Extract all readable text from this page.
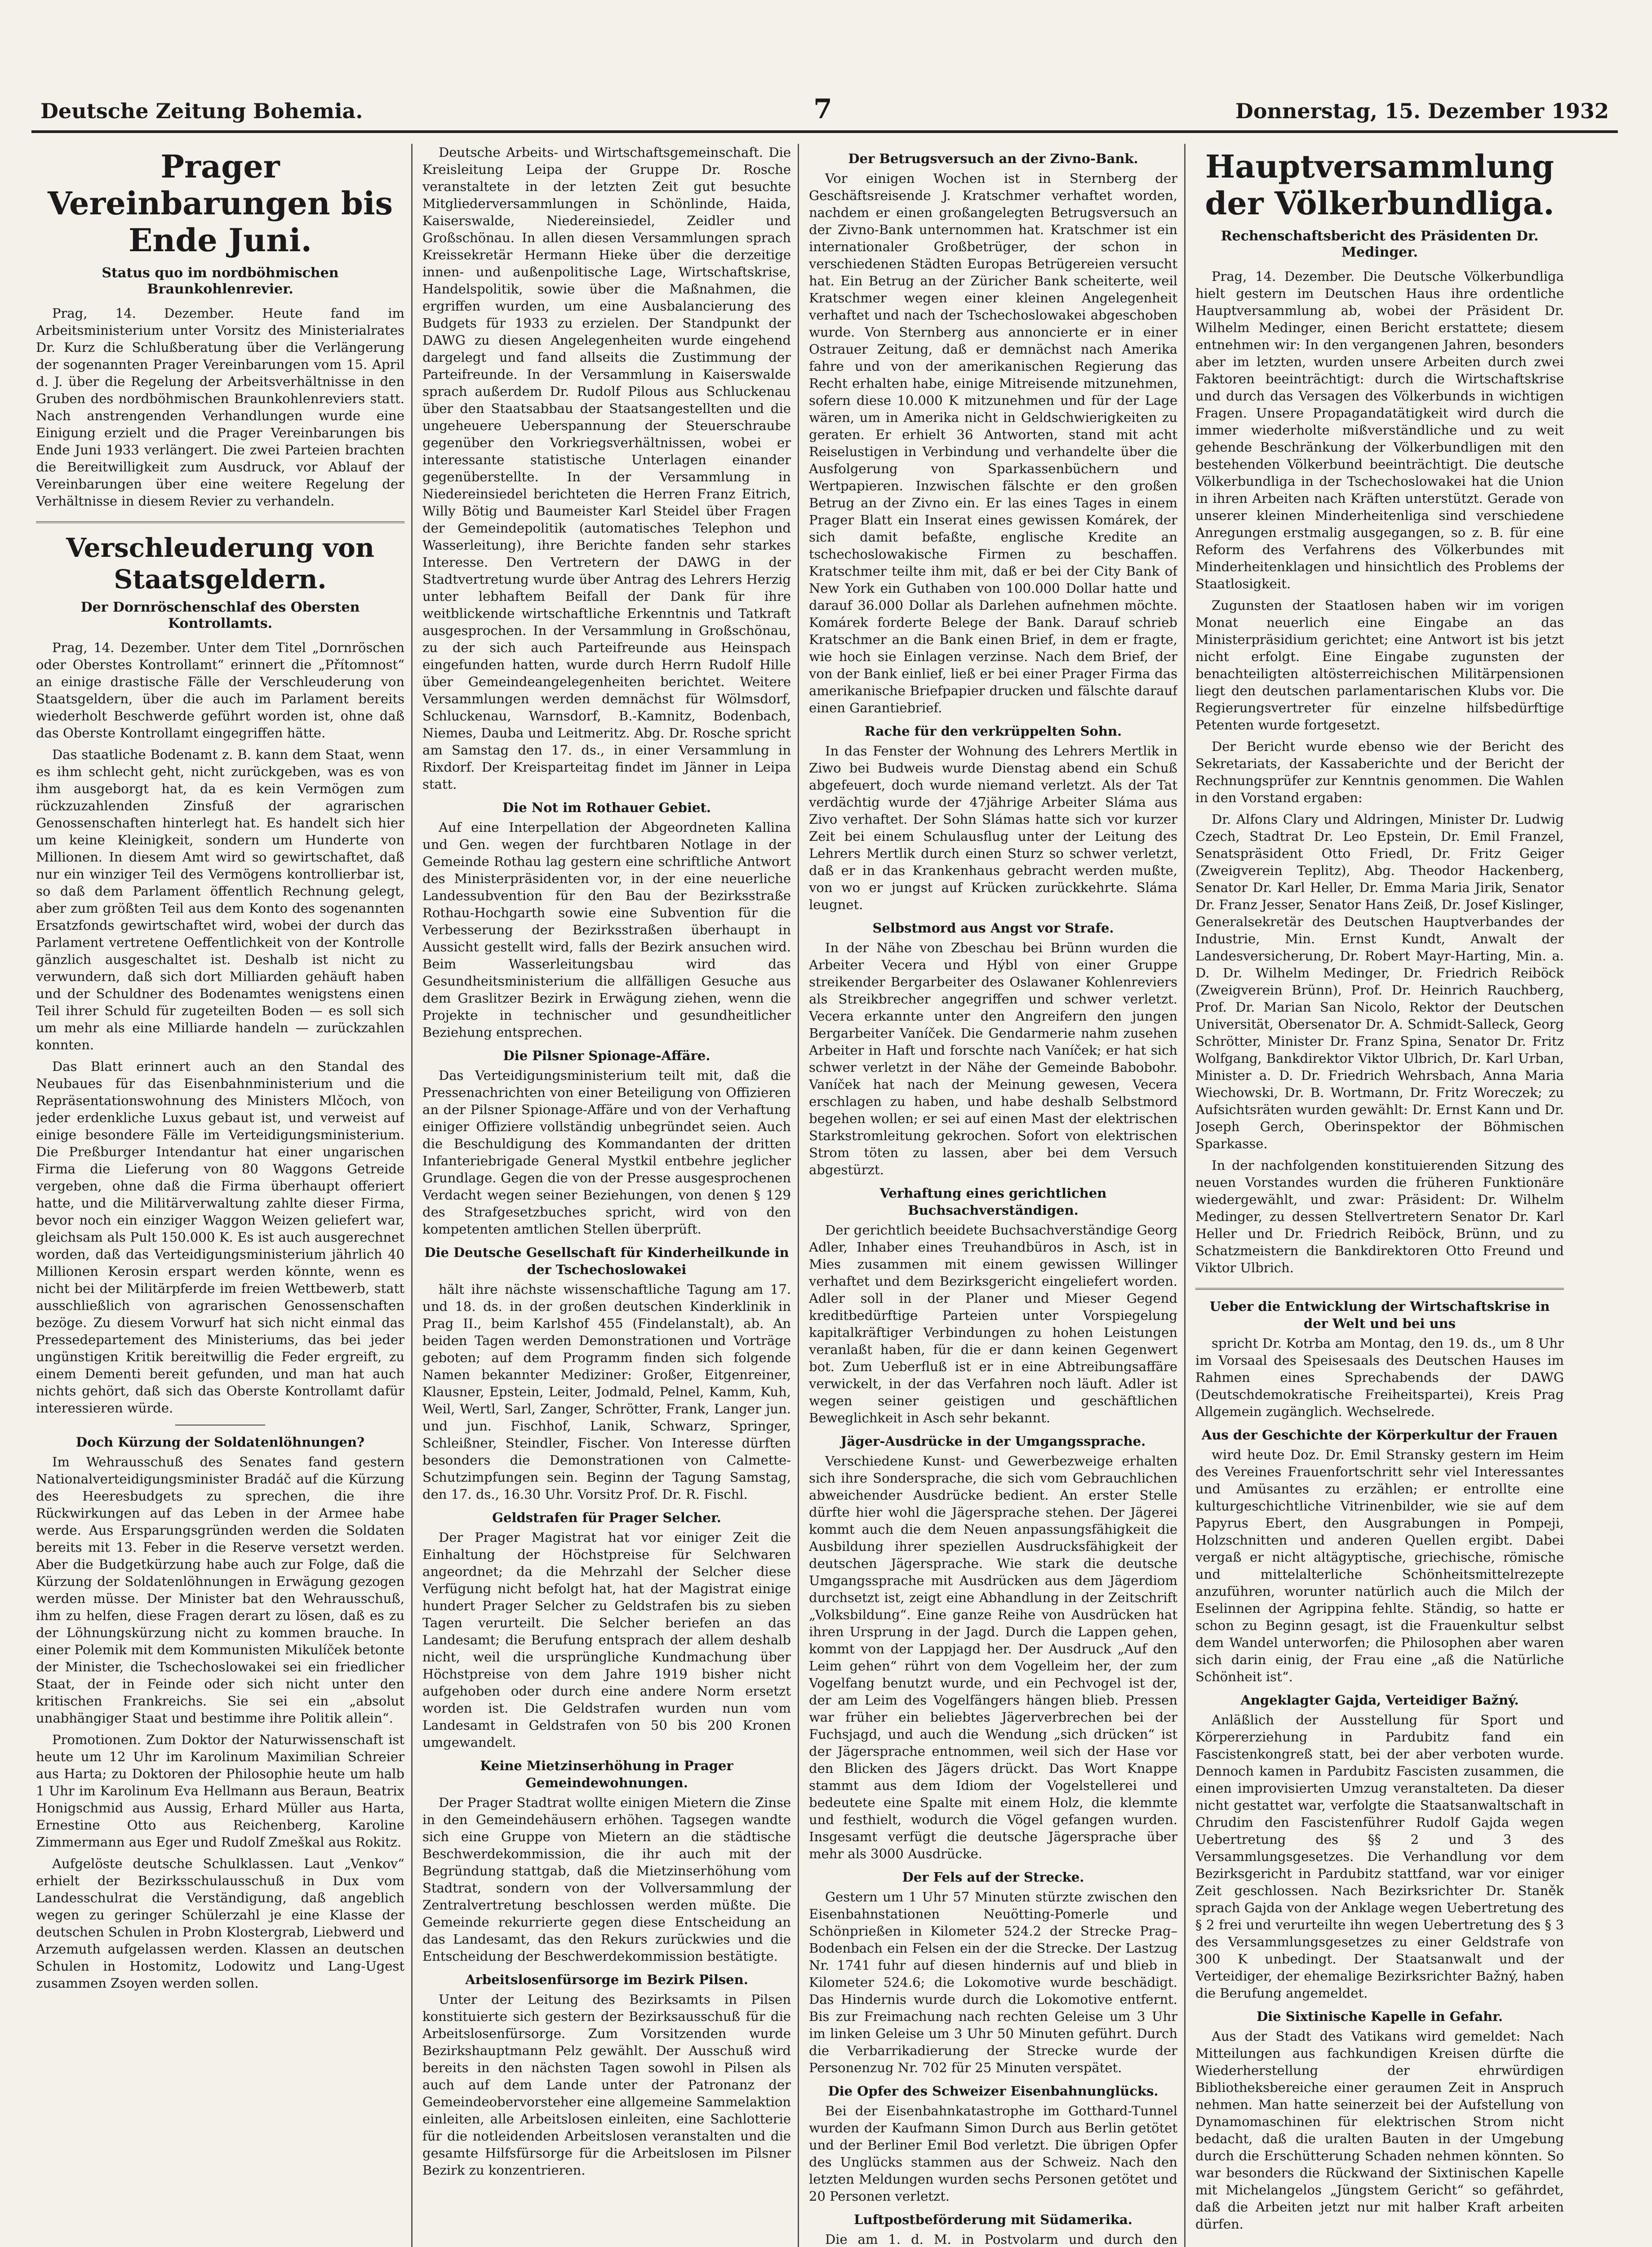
Deutsche Zeitung Bohemia.	7	Donnerstag, 15. Dezember 1932
Prager Vereinbarungen bis Ende Juni.
Status quo im nordböhmischen Braunkohlenrevier.

Prag, 14. Dezember. Heute fand im Arbeitsministerium unter Vorsitz des Ministerialrates Dr. Kurz die Schlußberatung über die Verlängerung der sogenannten Prager Vereinbarungen vom 15. April d. J. über die Regelung der Arbeitsverhältnisse in den Gruben des nordböhmischen Braunkohlenreviers statt. Nach anstrengenden Verhandlungen wurde eine Einigung erzielt und die Prager Vereinbarungen bis Ende Juni 1933 verlängert. Die zwei Parteien brachten die Bereitwilligkeit zum Ausdruck, vor Ablauf der Vereinbarungen über eine weitere Regelung der Verhältnisse in diesem Revier zu verhandeln.

Verschleuderung von Staatsgeldern.
Der Dornröschenschlaf des Obersten Kontrollamts.

Prag, 14. Dezember. Unter dem Titel „Dornröschen oder Oberstes Kontrollamt“ erinnert die „Přítomnost“ an einige drastische Fälle der Verschleuderung von Staatsgeldern, über die auch im Parlament bereits wiederholt Beschwerde geführt worden ist, ohne daß das Oberste Kontrollamt eingegriffen hätte.

Das staatliche Bodenamt z. B. kann dem Staat, wenn es ihm schlecht geht, nicht zurückgeben, was es von ihm ausgeborgt hat, da es kein Vermögen zum rückzuzahlenden Zinsfuß der agrarischen Genossenschaften hinterlegt hat. Es handelt sich hier um keine Kleinigkeit, sondern um Hunderte von Millionen. In diesem Amt wird so gewirtschaftet, daß nur ein winziger Teil des Vermögens kontrollierbar ist, so daß dem Parlament öffentlich Rechnung gelegt, aber zum größten Teil aus dem Konto des sogenannten Ersatzfonds gewirtschaftet wird, wobei der durch das Parlament vertretene Oeffentlichkeit von der Kontrolle gänzlich ausgeschaltet ist. Deshalb ist nicht zu verwundern, daß sich dort Milliarden gehäuft haben und der Schuldner des Bodenamtes wenigstens einen Teil ihrer Schuld für zugeteilten Boden — es soll sich um mehr als eine Milliarde handeln — zurückzahlen konnten.

Das Blatt erinnert auch an den Standal des Neubaues für das Eisenbahnministerium und die Repräsentationswohnung des Ministers Mlčoch, von jeder erdenkliche Luxus gebaut ist, und verweist auf einige besondere Fälle im Verteidigungsministerium. Die Preßburger Intendantur hat einer ungarischen Firma die Lieferung von 80 Waggons Getreide vergeben, ohne daß die Firma überhaupt offeriert hatte, und die Militärverwaltung zahlte dieser Firma, bevor noch ein einziger Waggon Weizen geliefert war, gleichsam als Pult 150.000 K. Es ist auch ausgerechnet worden, daß das Verteidigungsministerium jährlich 40 Millionen Kerosin erspart werden könnte, wenn es nicht bei der Militärpferde im freien Wettbewerb, statt ausschließlich von agrarischen Genossenschaften bezöge. Zu diesem Vorwurf hat sich nicht einmal das Pressedepartement des Ministeriums, das bei jeder ungünstigen Kritik bereitwillig die Feder ergreift, zu einem Dementi bereit gefunden, und man hat auch nichts gehört, daß sich das Oberste Kontrollamt dafür interessieren würde.

Doch Kürzung der Soldatenlöhnungen?

Im Wehrausschuß des Senates fand gestern Nationalverteidigungsminister Bradáč auf die Kürzung des Heeresbudgets zu sprechen, die ihre Rückwirkungen auf das Leben in der Armee habe werde. Aus Ersparungsgründen werden die Soldaten bereits mit 13. Feber in die Reserve versetzt werden. Aber die Budgetkürzung habe auch zur Folge, daß die Kürzung der Soldatenlöhnungen in Erwägung gezogen werden müsse. Der Minister bat den Wehrausschuß, ihm zu helfen, diese Fragen derart zu lösen, daß es zu der Löhnungskürzung nicht zu kommen brauche. In einer Polemik mit dem Kommunisten Mikulíček betonte der Minister, die Tschechoslowakei sei ein friedlicher Staat, der in Feinde oder sich nicht unter den kritischen Frankreichs. Sie sei ein „absolut unabhängiger Staat und bestimme ihre Politik allein“.

Promotionen. Zum Doktor der Naturwissenschaft ist heute um 12 Uhr im Karolinum Maximilian Schreier aus Harta; zu Doktoren der Philosophie heute um halb 1 Uhr im Karolinum Eva Hellmann aus Beraun, Beatrix Honigschmid aus Aussig, Erhard Müller aus Harta, Ernestine Otto aus Reichenberg, Karoline Zimmermann aus Eger und Rudolf Zmeškal aus Rokitz.

Aufgelöste deutsche Schulklassen. Laut „Venkov“ erhielt der Bezirksschulausschuß in Dux vom Landesschulrat die Verständigung, daß angeblich wegen zu geringer Schülerzahl je eine Klasse der deutschen Schulen in Probn Klostergrab, Liebwerd und Arzemuth aufgelassen werden. Klassen an deutschen Schulen in Hostomitz, Lodowitz und Lang-Ugest zusammen Zsoyen werden sollen.

Deutsche Arbeits- und Wirtschaftsgemeinschaft. Die Kreisleitung Leipa der Gruppe Dr. Rosche veranstaltete in der letzten Zeit gut besuchte Mitgliederversammlungen in Schönlinde, Haida, Kaiserswalde, Niedereinsiedel, Zeidler und Großschönau. In allen diesen Versammlungen sprach Kreissekretär Hermann Hieke über die derzeitige innen- und außenpolitische Lage, Wirtschaftskrise, Handelspolitik, sowie über die Maßnahmen, die ergriffen wurden, um eine Ausbalancierung des Budgets für 1933 zu erzielen. Der Standpunkt der DAWG zu diesen Angelegenheiten wurde eingehend dargelegt und fand allseits die Zustimmung der Parteifreunde. In der Versammlung in Kaiserswalde sprach außerdem Dr. Rudolf Pilous aus Schluckenau über den Staatsabbau der Staatsangestellten und die ungeheuere Ueberspannung der Steuerschraube gegenüber den Vorkriegsverhältnissen, wobei er interessante statistische Unterlagen einander gegenüberstellte. In der Versammlung in Niedereinsiedel berichteten die Herren Franz Eitrich, Willy Bötig und Baumeister Karl Steidel über Fragen der Gemeindepolitik (automatisches Telephon und Wasserleitung), ihre Berichte fanden sehr starkes Interesse. Den Vertretern der DAWG in der Stadtvertretung wurde über Antrag des Lehrers Herzig unter lebhaftem Beifall der Dank für ihre weitblickende wirtschaftliche Erkenntnis und Tatkraft ausgesprochen. In der Versammlung in Großschönau, zu der sich auch Parteifreunde aus Heinspach eingefunden hatten, wurde durch Herrn Rudolf Hille über Gemeindeangelegenheiten berichtet. Weitere Versammlungen werden demnächst für Wölmsdorf, Schluckenau, Warnsdorf, B.-Kamnitz, Bodenbach, Niemes, Dauba und Leitmeritz. Abg. Dr. Rosche spricht am Samstag den 17. ds., in einer Versammlung in Rixdorf. Der Kreisparteitag findet im Jänner in Leipa statt.

Die Not im Rothauer Gebiet.

Auf eine Interpellation der Abgeordneten Kallina und Gen. wegen der furchtbaren Notlage in der Gemeinde Rothau lag gestern eine schriftliche Antwort des Ministerpräsidenten vor, in der eine neuerliche Landessubvention für den Bau der Bezirksstraße Rothau-Hochgarth sowie eine Subvention für die Verbesserung der Bezirksstraßen überhaupt in Aussicht gestellt wird, falls der Bezirk ansuchen wird. Beim Wasserleitungsbau wird das Gesundheitsministerium die allfälligen Gesuche aus dem Graslitzer Bezirk in Erwägung ziehen, wenn die Projekte in technischer und gesundheitlicher Beziehung entsprechen.

Die Pilsner Spionage-Affäre.

Das Verteidigungsministerium teilt mit, daß die Pressenachrichten von einer Beteiligung von Offizieren an der Pilsner Spionage-Affäre und von der Verhaftung einiger Offiziere vollständig unbegründet seien. Auch die Beschuldigung des Kommandanten der dritten Infanteriebrigade General Mystkil entbehre jeglicher Grundlage. Gegen die von der Presse ausgesprochenen Verdacht wegen seiner Beziehungen, von denen § 129 des Strafgesetzbuches spricht, wird von den kompetenten amtlichen Stellen überprüft.

Die Deutsche Gesellschaft für Kinderheilkunde in der Tschechoslowakei

hält ihre nächste wissenschaftliche Tagung am 17. und 18. ds. in der großen deutschen Kinderklinik in Prag II., beim Karlshof 455 (Findelanstalt), ab. An beiden Tagen werden Demonstrationen und Vorträge geboten; auf dem Programm finden sich folgende Namen bekannter Mediziner: Großer, Eitgenreiner, Klausner, Epstein, Leiter, Jodmald, Pelnel, Kamm, Kuh, Weil, Wertl, Sarl, Zanger, Schrötter, Frank, Langer jun. und jun. Fischhof, Lanik, Schwarz, Springer, Schleißner, Steindler, Fischer. Von Interesse dürften besonders die Demonstrationen von Calmette-Schutzimpfungen sein. Beginn der Tagung Samstag, den 17. ds., 16.30 Uhr. Vorsitz Prof. Dr. R. Fischl.

Geldstrafen für Prager Selcher.

Der Prager Magistrat hat vor einiger Zeit die Einhaltung der Höchstpreise für Selchwaren angeordnet; da die Mehrzahl der Selcher diese Verfügung nicht befolgt hat, hat der Magistrat einige hundert Prager Selcher zu Geldstrafen bis zu sieben Tagen verurteilt. Die Selcher beriefen an das Landesamt; die Berufung entsprach der allem deshalb nicht, weil die ursprüngliche Kundmachung über Höchstpreise von dem Jahre 1919 bisher nicht aufgehoben oder durch eine andere Norm ersetzt worden ist. Die Geldstrafen wurden nun vom Landesamt in Geldstrafen von 50 bis 200 Kronen umgewandelt.

Keine Mietzinserhöhung in Prager Gemeindewohnungen.

Der Prager Stadtrat wollte einigen Mietern die Zinse in den Gemeindehäusern erhöhen. Tagsegen wandte sich eine Gruppe von Mietern an die städtische Beschwerdekommission, die ihr auch mit der Begründung stattgab, daß die Mietzinserhöhung vom Stadtrat, sondern von der Vollversammlung der Zentralvertretung beschlossen werden müßte. Die Gemeinde rekurrierte gegen diese Entscheidung an das Landesamt, das den Rekurs zurückwies und die Entscheidung der Beschwerdekommission bestätigte.

Arbeitslosenfürsorge im Bezirk Pilsen.

Unter der Leitung des Bezirksamts in Pilsen konstituierte sich gestern der Bezirksausschuß für die Arbeitslosenfürsorge. Zum Vorsitzenden wurde Bezirkshauptmann Pelz gewählt. Der Ausschuß wird bereits in den nächsten Tagen sowohl in Pilsen als auch auf dem Lande unter der Patronanz der Gemeindeobervorsteher eine allgemeine Sammelaktion einleiten, alle Arbeitslosen einleiten, eine Sachlotterie für die notleidenden Arbeitslosen veranstalten und die gesamte Hilfsfürsorge für die Arbeitslosen im Pilsner Bezirk zu konzentrieren.

Der Betrugsversuch an der Zivno-Bank.

Vor einigen Wochen ist in Sternberg der Geschäftsreisende J. Kratschmer verhaftet worden, nachdem er einen großangelegten Betrugsversuch an der Zivno-Bank unternommen hat. Kratschmer ist ein internationaler Großbetrüger, der schon in verschiedenen Städten Europas Betrügereien versucht hat. Ein Betrug an der Züricher Bank scheiterte, weil Kratschmer wegen einer kleinen Angelegenheit verhaftet und nach der Tschechoslowakei abgeschoben wurde. Von Sternberg aus annoncierte er in einer Ostrauer Zeitung, daß er demnächst nach Amerika fahre und von der amerikanischen Regierung das Recht erhalten habe, einige Mitreisende mitzunehmen, sofern diese 10.000 K mitzunehmen und für der Lage wären, um in Amerika nicht in Geldschwierigkeiten zu geraten. Er erhielt 36 Antworten, stand mit acht Reiselustigen in Verbindung und verhandelte über die Ausfolgerung von Sparkassenbüchern und Wertpapieren. Inzwischen fälschte er den großen Betrug an der Zivno ein. Er las eines Tages in einem Prager Blatt ein Inserat eines gewissen Komárek, der sich damit befaßte, englische Kredite an tschechoslowakische Firmen zu beschaffen. Kratschmer teilte ihm mit, daß er bei der City Bank of New York ein Guthaben von 100.000 Dollar hatte und darauf 36.000 Dollar als Darlehen aufnehmen möchte. Komárek forderte Belege der Bank. Darauf schrieb Kratschmer an die Bank einen Brief, in dem er fragte, wie hoch sie Einlagen verzinse. Nach dem Brief, der von der Bank einlief, ließ er bei einer Prager Firma das amerikanische Briefpapier drucken und fälschte darauf einen Garantiebrief.

Rache für den verkrüppelten Sohn.

In das Fenster der Wohnung des Lehrers Mertlik in Ziwo bei Budweis wurde Dienstag abend ein Schuß abgefeuert, doch wurde niemand verletzt. Als der Tat verdächtig wurde der 47jährige Arbeiter Sláma aus Zivo verhaftet. Der Sohn Slámas hatte sich vor kurzer Zeit bei einem Schulausflug unter der Leitung des Lehrers Mertlik durch einen Sturz so schwer verletzt, daß er in das Krankenhaus gebracht werden mußte, von wo er jungst auf Krücken zurückkehrte. Sláma leugnet.

Selbstmord aus Angst vor Strafe.

In der Nähe von Zbeschau bei Brünn wurden die Arbeiter Vecera und Hýbl von einer Gruppe streikender Bergarbeiter des Oslawaner Kohlenreviers als Streikbrecher angegriffen und schwer verletzt. Vecera erkannte unter den Angreifern den jungen Bergarbeiter Vaníček. Die Gendarmerie nahm zusehen Arbeiter in Haft und forschte nach Vaníček; er hat sich schwer verletzt in der Nähe der Gemeinde Babobohr. Vaníček hat nach der Meinung gewesen, Vecera erschlagen zu haben, und habe deshalb Selbstmord begehen wollen; er sei auf einen Mast der elektrischen Starkstromleitung gekrochen. Sofort von elektrischen Strom töten zu lassen, aber bei dem Versuch abgestürzt.

Verhaftung eines gerichtlichen Buchsachverständigen.

Der gerichtlich beeidete Buchsachverständige Georg Adler, Inhaber eines Treuhandbüros in Asch, ist in Mies zusammen mit einem gewissen Willinger verhaftet und dem Bezirksgericht eingeliefert worden. Adler soll in der Planer und Mieser Gegend kreditbedürftige Parteien unter Vorspiegelung kapitalkräftiger Verbindungen zu hohen Leistungen veranlaßt haben, für die er dann keinen Gegenwert bot. Zum Ueberfluß ist er in eine Abtreibungsaffäre verwickelt, in der das Verfahren noch läuft. Adler ist wegen seiner geistigen und geschäftlichen Beweglichkeit in Asch sehr bekannt.

Jäger-Ausdrücke in der Umgangssprache.

Verschiedene Kunst- und Gewerbezweige erhalten sich ihre Sondersprache, die sich vom Gebrauchlichen abweichender Ausdrücke bedient. An erster Stelle dürfte hier wohl die Jägersprache stehen. Der Jägerei kommt auch die dem Neuen anpassungsfähigkeit die Ausbildung ihrer speziellen Ausdrucksfähigkeit der deutschen Jägersprache. Wie stark die deutsche Umgangssprache mit Ausdrücken aus dem Jägerdiom durchsetzt ist, zeigt eine Abhandlung in der Zeitschrift „Volksbildung“. Eine ganze Reihe von Ausdrücken hat ihren Ursprung in der Jagd. Durch die Lappen gehen, kommt von der Lappjagd her. Der Ausdruck „Auf den Leim gehen“ rührt von dem Vogelleim her, der zum Vogelfang benutzt wurde, und ein Pechvogel ist der, der am Leim des Vogelfängers hängen blieb. Pressen war früher ein beliebtes Jägerverbrechen bei der Fuchsjagd, und auch die Wendung „sich drücken“ ist der Jägersprache entnommen, weil sich der Hase vor den Blicken des Jägers drückt. Das Wort Knappe stammt aus dem Idiom der Vogelstellerei und bedeutete eine Spalte mit einem Holz, die klemmte und festhielt, wodurch die Vögel gefangen wurden. Insgesamt verfügt die deutsche Jägersprache über mehr als 3000 Ausdrücke.

Der Fels auf der Strecke.

Gestern um 1 Uhr 57 Minuten stürzte zwischen den Eisenbahnstationen Neuötting-Pomerle und Schönprießen in Kilometer 524.2 der Strecke Prag–Bodenbach ein Felsen ein der die Strecke. Der Lastzug Nr. 1741 fuhr auf diesen hindernis auf und blieb in Kilometer 524.6; die Lokomotive wurde beschädigt. Das Hindernis wurde durch die Lokomotive entfernt. Bis zur Freimachung nach rechten Geleise um 3 Uhr im linken Geleise um 3 Uhr 50 Minuten geführt. Durch die Verbarrikadierung der Strecke wurde der Personenzug Nr. 702 für 25 Minuten verspätet.

Die Opfer des Schweizer Eisenbahnunglücks.

Bei der Eisenbahnkatastrophe im Gotthard-Tunnel wurden der Kaufmann Simon Durch aus Berlin getötet und der Berliner Emil Bod verletzt. Die übrigen Opfer des Unglücks stammen aus der Schweiz. Nach den letzten Meldungen wurden sechs Personen getötet und 20 Personen verletzt.

Luftpostbeförderung mit Südamerika.

Die am 1. d. M. in Postvolarm und durch den

Hauptversammlung der Völkerbundliga.
Rechenschaftsbericht des Präsidenten Dr. Medinger.

Prag, 14. Dezember. Die Deutsche Völkerbundliga hielt gestern im Deutschen Haus ihre ordentliche Hauptversammlung ab, wobei der Präsident Dr. Wilhelm Medinger, einen Bericht erstattete; diesem entnehmen wir: In den vergangenen Jahren, besonders aber im letzten, wurden unsere Arbeiten durch zwei Faktoren beeinträchtigt: durch die Wirtschaftskrise und durch das Versagen des Völkerbunds in wichtigen Fragen. Unsere Propagandatätigkeit wird durch die immer wiederholte mißverständliche und zu weit gehende Beschränkung der Völkerbundligen mit den bestehenden Völkerbund beeinträchtigt. Die deutsche Völkerbundliga in der Tschechoslowakei hat die Union in ihren Arbeiten nach Kräften unterstützt. Gerade von unserer kleinen Minderheitenliga sind verschiedene Anregungen erstmalig ausgegangen, so z. B. für eine Reform des Verfahrens des Völkerbundes mit Minderheitenklagen und hinsichtlich des Problems der Staatlosigkeit.

Zugunsten der Staatlosen haben wir im vorigen Monat neuerlich eine Eingabe an das Ministerpräsidium gerichtet; eine Antwort ist bis jetzt nicht erfolgt. Eine Eingabe zugunsten der benachteiligten altösterreichischen Militärpensionen liegt den deutschen parlamentarischen Klubs vor. Die Regierungsvertreter für einzelne hilfsbedürftige Petenten wurde fortgesetzt.

Der Bericht wurde ebenso wie der Bericht des Sekretariats, der Kassaberichte und der Bericht der Rechnungsprüfer zur Kenntnis genommen. Die Wahlen in den Vorstand ergaben:

Dr. Alfons Clary und Aldringen, Minister Dr. Ludwig Czech, Stadtrat Dr. Leo Epstein, Dr. Emil Franzel, Senatspräsident Otto Friedl, Dr. Fritz Geiger (Zweigverein Teplitz), Abg. Theodor Hackenberg, Senator Dr. Karl Heller, Dr. Emma Maria Jirik, Senator Dr. Franz Jesser, Senator Hans Zeiß, Dr. Josef Kislinger, Generalsekretär des Deutschen Hauptverbandes der Industrie, Min. Ernst Kundt, Anwalt der Landesversicherung, Dr. Robert Mayr-Harting, Min. a. D. Dr. Wilhelm Medinger, Dr. Friedrich Reiböck (Zweigverein Brünn), Prof. Dr. Heinrich Rauchberg, Prof. Dr. Marian San Nicolo, Rektor der Deutschen Universität, Obersenator Dr. A. Schmidt-Salleck, Georg Schrötter, Minister Dr. Franz Spina, Senator Dr. Fritz Wolfgang, Bankdirektor Viktor Ulbrich, Dr. Karl Urban, Minister a. D. Dr. Friedrich Wehrsbach, Anna Maria Wiechowski, Dr. B. Wortmann, Dr. Fritz Woreczek; zu Aufsichtsräten wurden gewählt: Dr. Ernst Kann und Dr. Joseph Gerch, Oberinspektor der Böhmischen Sparkasse.

In der nachfolgenden konstituierenden Sitzung des neuen Vorstandes wurden die früheren Funktionäre wiedergewählt, und zwar: Präsident: Dr. Wilhelm Medinger, zu dessen Stellvertretern Senator Dr. Karl Heller und Dr. Friedrich Reiböck, Brünn, und zu Schatzmeistern die Bankdirektoren Otto Freund und Viktor Ulbrich.

Ueber die Entwicklung der Wirtschaftskrise in der Welt und bei uns

spricht Dr. Kotrba am Montag, den 19. ds., um 8 Uhr im Vorsaal des Speisesaals des Deutschen Hauses im Rahmen eines Sprechabends der DAWG (Deutschdemokratische Freiheitspartei), Kreis Prag Allgemein zugänglich. Wechselrede.

Aus der Geschichte der Körperkultur der Frauen

wird heute Doz. Dr. Emil Stransky gestern im Heim des Vereines Frauenfortschritt sehr viel Interessantes und Amüsantes zu erzählen; er entrollte eine kulturgeschichtliche Vitrinenbilder, wie sie auf dem Papyrus Ebert, den Ausgrabungen in Pompeji, Holzschnitten und anderen Quellen ergibt. Dabei vergaß er nicht altägyptische, griechische, römische und mittelalterliche Schönheitsmittelrezepte anzuführen, worunter natürlich auch die Milch der Eselinnen der Agrippina fehlte. Ständig, so hatte er schon zu Beginn gesagt, ist die Frauenkultur selbst dem Wandel unterworfen; die Philosophen aber waren sich darin einig, der Frau eine „aß die Natürliche Schönheit ist“.

Angeklagter Gajda, Verteidiger Bažný.

Anläßlich der Ausstellung für Sport und Körpererziehung in Pardubitz fand ein Fascistenkongreß statt, bei der aber verboten wurde. Dennoch kamen in Pardubitz Fascisten zusammen, die einen improvisierten Umzug veranstalteten. Da dieser nicht gestattet war, verfolgte die Staatsanwaltschaft in Chrudim den Fascistenführer Rudolf Gajda wegen Uebertretung des §§ 2 und 3 des Versammlungsgesetzes. Die Verhandlung vor dem Bezirksgericht in Pardubitz stattfand, war vor einiger Zeit geschlossen. Nach Bezirksrichter Dr. Staněk sprach Gajda von der Anklage wegen Uebertretung des § 2 frei und verurteilte ihn wegen Uebertretung des § 3 des Versammlungsgesetzes zu einer Geldstrafe von 300 K unbedingt. Der Staatsanwalt und der Verteidiger, der ehemalige Bezirksrichter Bažný, haben die Berufung angemeldet.

Die Sixtinische Kapelle in Gefahr.

Aus der Stadt des Vatikans wird gemeldet: Nach Mitteilungen aus fachkundigen Kreisen dürfte die Wiederherstellung der ehrwürdigen Bibliotheksbereiche einer geraumen Zeit in Anspruch nehmen. Man hatte seinerzeit bei der Aufstellung von Dynamomaschinen für elektrischen Strom nicht bedacht, daß die uralten Bauten in der Umgebung durch die Erschütterung Schaden nehmen könnten. So war besonders die Rückwand der Sixtinischen Kapelle mit Michelangelos „Jüngstem Gericht“ so gefährdet, daß die Arbeiten jetzt nur mit halber Kraft arbeiten dürfen.
